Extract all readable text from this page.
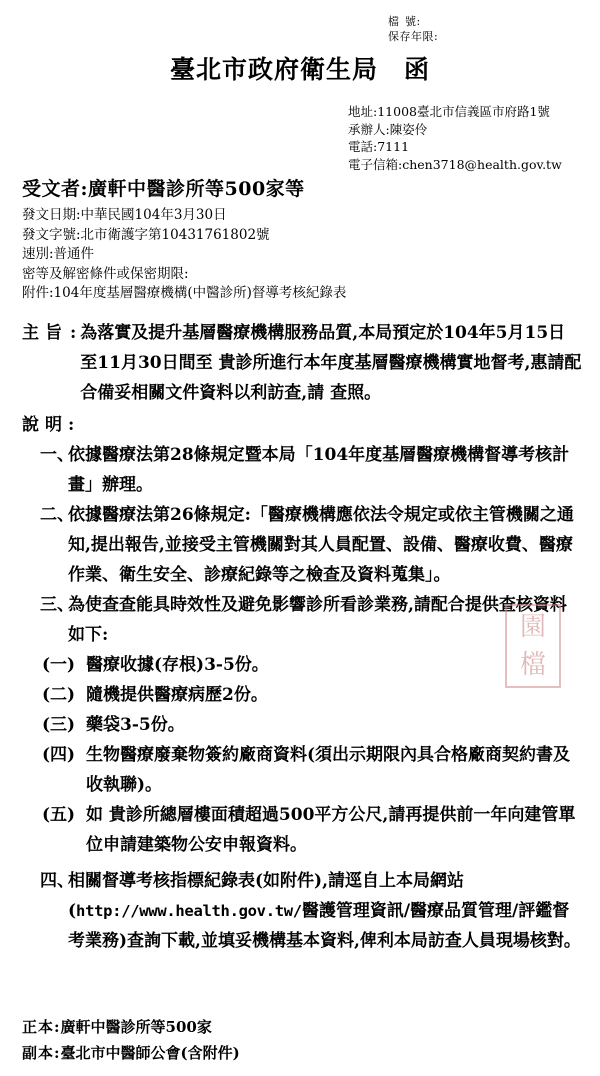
檔號:
保存年限:
臺北市政府衛生局 函
地址:11008臺北市信義區市府路1號
承辦人:陳姿伶
電話:7111
電子信箱:chen3718@health.gov.tw
受文者:廣軒中醫診所等500家等
發文日期:中華民國104年3月30日
發文字號:北市衛護字第10431761802號
速別:普通件
密等及解密條件或保密期限:
附件:104年度基層醫療機構(中醫診所)督導考核紀錄表
主旨 : 為落實及提升基層醫療機構服務品質,本局預定於104年5月15日至11月30日間至 貴診所進行本年度基層醫療機構實地督考,惠請配合備妥相關文件資料以利訪查,請 查照。
說明:
一、
依據醫療法第28條規定暨本局「104年度基層醫療機構督導考核計畫」辦理。
二、
依據醫療法第26條規定:「醫療機構應依法令規定或依主管機關之通知,提出報告,並接受主管機關對其人員配置、設備、醫療收費、醫療作業、衛生安全、診療紀錄等之檢查及資料蒐集」。
三、
為使查查能具時效性及避免影響診所看診業務,請配合提供查核資料如下:
(一) 醫療收據(存根)3-5份。
(二) 隨機提供醫療病歷2份。
(三) 藥袋3-5份。
(四) 生物醫療廢棄物簽約廠商資料(須出示期限內具合格廠商契約書及收執聯)。
(五) 如 貴診所總層樓面積超過500平方公尺,請再提供前一年向建管單位申請建築物公安申報資料。
四、
相關督導考核指標紀錄表(如附件),請逕自上本局網站(http://www.health.gov.tw/醫護管理資訊/醫療品質管理/評鑑督考業務)查詢下載,並填妥機構基本資料,俾利本局訪查人員現場核對。
園
檔
正本:廣軒中醫診所等500家
副本:臺北市中醫師公會(含附件)
